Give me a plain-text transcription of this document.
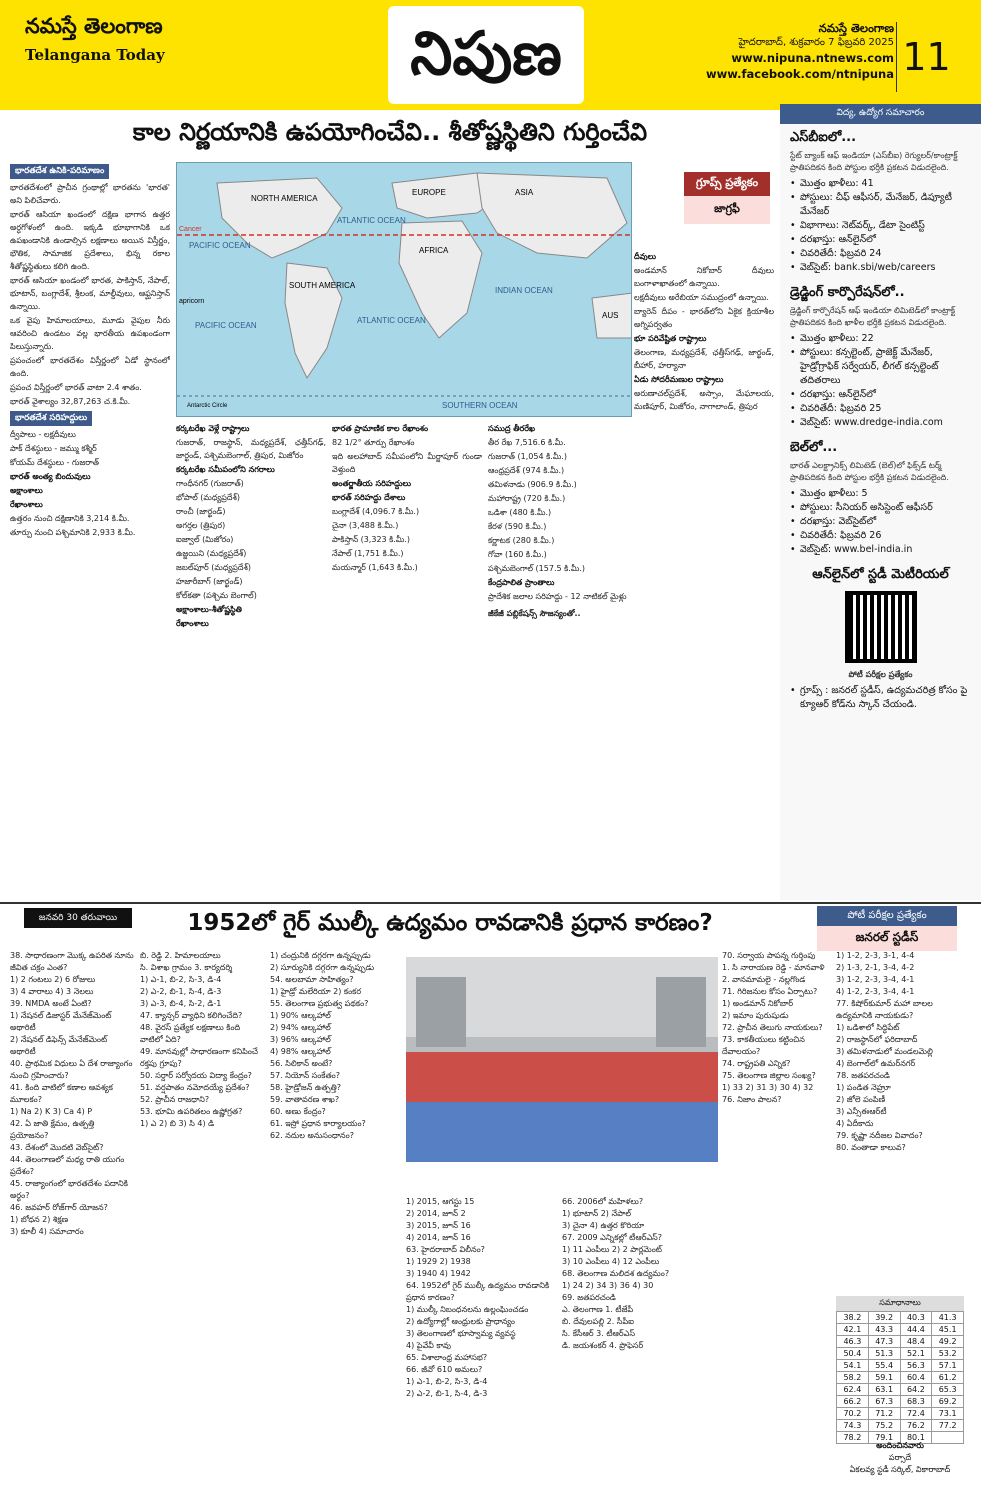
నమస్తే తెలంగాణ
Telangana Today	నిపుణ	నమస్తే తెలంగాణ
హైదరాబాద్, శుక్రవారం 7 ఫిబ్రవరి 2025
www.nipuna.ntnews.com
www.facebook.com/ntnipuna 11
కాల నిర్ణయానికి ఉపయోగించేవి.. శీతోష్ణస్థితిని గుర్తించేవి
భారతదేశ ఉనికి-పరిమాణం

భారతదేశంలో ప్రాచీన గ్రంథాల్లో భారతను 'భారత' అని పిలిచేవారు.

భారత్ ఆసియా ఖండంలో దక్షిణ భాగాన ఉత్తర అర్ధగోళంలో ఉంది. ఇక్కడి భూభాగానికి ఒక ఉపఖండానికి ఉండాల్సిన లక్షణాలు అయిన విస్తీర్ణం, భౌతిక, సామాజిక ప్రదేశాలు, భిన్న రకాల శీతోష్ణస్థితులు కలిగి ఉంది.

భారత్ ఆసియా ఖండంలో భారత, పాకిస్తాన్, నేపాల్, భూటాన్, బంగ్లాదేశ్, శ్రీలంక, మాల్దీవులు, ఆఫ్ఘనిస్తాన్ ఉన్నాయి.

ఒక వైపు హిమాలయాలు, మూడు వైపుల నీరు ఆవరించి ఉండటం వల్ల భారతీయ ఉపఖండంగా పిలుస్తున్నారు.

ప్రపంచంలో భారతదేశం విస్తీర్ణంలో ఏడో స్థానంలో ఉంది.

ప్రపంచ విస్తీర్ణంలో భారత్ వాటా 2.4 శాతం.

భారత్ వైశాల్యం 32,87,263 చ.కి.మీ.

భారతదేశ సరిహద్దులు

ద్వీపాలు - లక్షదీవులు

పాక్ దేశస్థులు - జమ్ము కశ్మీర్

కోయమ్ దేశస్థులు - గుజరాత్

భారత్ అంత్య బిందువులు

అక్షాంశాలు

రేఖాంశాలు

ఉత్తరం నుంచి దక్షిణానికి 3,214 కి.మీ.

తూర్పు నుంచి పశ్చిమానికి 2,933 కి.మీ.

NORTH AMERICA
EUROPE	ASIA
AFRICA
SOUTH AMERICA
ATLANTIC OCEAN
PACIFIC OCEAN
PACIFIC OCEAN
ATLANTIC OCEAN
INDIAN OCEAN
SOUTHERN OCEAN
Cancer
apricorn
AUS
Antarctic Circle
గ్రూప్స్ ప్రత్యేకం
జాగ్రఫీ

కర్కటరేఖ వెళ్లే రాష్ట్రాలు

గుజరాత్, రాజస్థాన్, మధ్యప్రదేశ్, ఛత్తీస్‌గఢ్, జార్ఖండ్, పశ్చిమబెంగాల్, త్రిపుర, మిజోరం

కర్కటరేఖ సమీపంలోని నగరాలు

గాంధీనగర్ (గుజరాత్)

భోపాల్ (మధ్యప్రదేశ్)

రాంచీ (జార్ఖండ్)

అగర్తల (త్రిపుర)

ఐజ్వాల్ (మిజోరం)

ఉజ్జయిని (మధ్యప్రదేశ్)

జబల్‌పూర్ (మధ్యప్రదేశ్)

హజారీబాగ్ (జార్ఖండ్)

కోల్‌కతా (పశ్చిమ బెంగాల్)

అక్షాంశాలు-శీతోష్ణస్థితి

రేఖాంశాలు

భారత ప్రామాణిక కాల రేఖాంశం

82 1/2° తూర్పు రేఖాంశం

ఇది అలహాబాద్ సమీపంలోని మీర్జాపూర్ గుండా వెళ్తుంది

అంతర్జాతీయ సరిహద్దులు

భారత్ సరిహద్దు దేశాలు

బంగ్లాదేశ్ (4,096.7 కి.మీ.)

చైనా (3,488 కి.మీ.)

పాకిస్తాన్ (3,323 కి.మీ.)

నేపాల్ (1,751 కి.మీ.)

మయన్మార్ (1,643 కి.మీ.)

సముద్ర తీరరేఖ

తీర రేఖ 7,516.6 కి.మీ.

గుజరాత్ (1,054 కి.మీ.)

ఆంధ్రప్రదేశ్ (974 కి.మీ.)

తమిళనాడు (906.9 కి.మీ.)

మహారాష్ట్ర (720 కి.మీ.)

ఒడిశా (480 కి.మీ.)

కేరళ (590 కి.మీ.)

కర్ణాటక (280 కి.మీ.)

గోవా (160 కి.మీ.)

పశ్చిమబెంగాల్ (157.5 కి.మీ.)

కేంద్రపాలిత ప్రాంతాలు

ప్రాదేశిక జలాల సరిహద్దు - 12 నాటికల్ మైళ్లు

జీకేజీ పబ్లికేషన్స్ సౌజన్యంతో..

దీవులు

అండమాన్ నికోబార్ దీవులు బంగాళాఖాతంలో ఉన్నాయి.

లక్షదీవులు అరేబియా సముద్రంలో ఉన్నాయి.

బ్యారెన్ దీపం - భారత్‌లోని ఏకైక క్రియాశీల అగ్నిపర్వతం

భూ పరివేష్టిత రాష్ట్రాలు

తెలంగాణ, మధ్యప్రదేశ్, ఛత్తీస్‌గఢ్, జార్ఖండ్, బీహార్, హర్యానా

ఏడు సోదరీమణుల రాష్ట్రాలు

అరుణాచల్‌ప్రదేశ్, అస్సాం, మేఘాలయ, మణిపూర్, మిజోరం, నాగాలాండ్, త్రిపుర

విద్య, ఉద్యోగ సమాచారం
ఎస్‌బీఐలో...
స్టేట్ బ్యాంక్ ఆఫ్ ఇండియా (ఎస్‌బీఐ) రెగ్యులర్/కాంట్రాక్ట్ ప్రాతిపదికన కింది పోస్టుల భర్తీకి ప్రకటన విడుదలైంది.
• మొత్తం ఖాళీలు: 41
• పోస్టులు: చీఫ్ ఆఫీసర్, మేనేజర్, డిప్యూటీ మేనేజర్
• విభాగాలు: నెట్‌వర్క్, డేటా సైంటిస్ట్
• దరఖాస్తు: ఆన్‌లైన్‌లో
• చివరితేదీ: ఫిబ్రవరి 24
• వెబ్‌సైట్: bank.sbi/web/careers
డ్రెడ్జింగ్ కార్పొరేషన్‌లో..
డ్రెడ్జింగ్ కార్పొరేషన్ ఆఫ్ ఇండియా లిమిటెడ్‌లో కాంట్రాక్ట్ ప్రాతిపదికన కింది ఖాళీల భర్తీకి ప్రకటన విడుదలైంది.
• మొత్తం ఖాళీలు: 22
• పోస్టులు: కన్సల్టెంట్, ప్రాజెక్ట్ మేనేజర్, హైడ్రోగ్రాఫిక్ సర్వేయర్, లీగల్ కన్సల్టెంట్ తదితరాలు
• దరఖాస్తు: ఆన్‌లైన్‌లో
• చివరితేదీ: ఫిబ్రవరి 25
• వెబ్‌సైట్: www.dredge-india.com
బెల్‌లో...
భారత్ ఎలక్ట్రానిక్స్ లిమిటెడ్ (బెల్)లో ఫిక్స్‌డ్ టర్మ్ ప్రాతిపదికన కింది పోస్టుల భర్తీకి ప్రకటన విడుదలైంది.
• మొత్తం ఖాళీలు: 5
• పోస్టులు: సీనియర్ అసిస్టెంట్ ఆఫీసర్
• దరఖాస్తు: వెబ్‌సైట్‌లో
• చివరితేదీ: ఫిబ్రవరి 26
• వెబ్‌సైట్: www.bel-india.in
ఆన్‌లైన్‌లో స్టడీ మెటీరియల్
పోటీ పరీక్షల ప్రత్యేకం
• గ్రూప్స్ : జనరల్ స్టడీస్, ఉద్యమచరిత్ర కోసం పై క్యూఆర్ కోడ్‌ను స్కాన్ చేయండి.
జనవరి 30 తరువాయి	1952లో గైర్ ముల్కీ ఉద్యమం రావడానికి ప్రధాన కారణం?	పోటీ పరీక్షల ప్రత్యేకం
జనరల్ స్టడీస్

38. సాధారణంగా మొక్క ఉపరిత నూను జీవిత చక్రం ఎంత?

1) 2 గంటలు 2) 6 రోజులు

3) 4 వారాలు 4) 3 నెలలు

39. NMDA అంటే ఏంటి?

1) నేషనల్ డిజాస్టర్ మేనేజ్‌మెంట్ అథారిటీ

2) నేషనల్ డిఫెన్స్ మేనేజ్‌మెంట్ అథారిటీ

40. ప్రాథమిక విధులు ఏ దేశ రాజ్యాంగం నుంచి గ్రహించారు?

41. కింది వాటిలో కణాల ఆవశ్యక మూలకం?

1) Na 2) K 3) Ca 4) P

42. ఏ జాతి క్షేమం, ఉత్పత్తి ప్రయోజనం?

43. దేశంలో మొదటి వెబ్‌సైట్?

44. తెలంగాణలో మధ్య రాతి యుగం ప్రదేశం?

45. రాజ్యాంగంలో భారతదేశం పదానికి అర్థం?

46. జవహర్ రోజ్‌గార్ యోజన?

1) బోధన 2) శిక్షణ

3) కూలీ 4) సమాచారం

బి. రెడ్డి 2. హిమాలయాలు

సి. విశాఖ గ్రామం 3. కార్యదర్శి

1) ఎ-1, బి-2, సి-3, డి-4

2) ఎ-2, బి-1, సి-4, డి-3

3) ఎ-3, బి-4, సి-2, డి-1

47. క్యాన్సర్ వ్యాధిని కలిగించేది?

48. వైరస్ ప్రత్యేక లక్షణాలు కింది వాటిలో ఏది?

49. మానవుల్లో సాధారణంగా కనిపించే రక్తపు గ్రూపు?

50. సర్దార్ సర్వోదయ విద్యా కేంద్రం?

51. వర్షపాతం నమోదయ్యే ప్రదేశం?

52. ప్రాచీన రాజధాని?

53. భూమి ఉపరితలం ఉష్ణోగ్రత?

1) ఎ 2) బి 3) సి 4) డి

1) చంద్రునికి దగ్గరగా ఉన్నప్పుడు

2) సూర్యునికి దగ్గరగా ఉన్నప్పుడు

54. అలబామా సాహిత్యం?

1) హైడ్రో మలేరియా 2) కంకర

55. తెలంగాణ ప్రభుత్వ పథకం?

1) 90% ఆల్కహాల్

2) 94% ఆల్కహాల్

3) 96% ఆల్కహాల్

4) 98% ఆల్కహాల్

56. సిలికాన్ అంటే?

57. నియోన్ సంకేతం?

58. హైడ్రోజన్ ఉత్పత్తి?

59. వాతావరణ శాఖ?

60. అణు కేంద్రం?

61. ఇస్రో ప్రధాన కార్యాలయం?

62. నదుల అనుసంధానం?

1) 2015, ఆగస్టు 15

2) 2014, జూన్ 2

3) 2015, జూన్ 16

4) 2014, జూన్ 16

63. హైదరాబాద్ విలీనం?

1) 1929 2) 1938

3) 1940 4) 1942

64. 1952లో గైర్ ముల్కీ ఉద్యమం రావడానికి ప్రధాన కారణం?

1) ముల్కీ నిబంధనలను ఉల్లంఘించడం

2) ఉద్యోగాల్లో ఆంధ్రులకు ప్రాధాన్యం

3) తెలంగాణలో భూస్వామ్య వ్యవస్థ

4) పైవేవీ కావు

65. విశాలాంధ్ర మహాసభ?

66. జీవో 610 అమలు?

1) ఎ-1, బి-2, సి-3, డి-4

2) ఎ-2, బి-1, సి-4, డి-3

66. 2006లో మహిళలు?

1) భూటాన్ 2) నేపాల్

3) చైనా 4) ఉత్తర కొరియా

67. 2009 ఎన్నికల్లో టీఆర్‌ఎస్?

1) 11 ఎంపీలు 2) 2 పార్లమెంట్

3) 10 ఎంపీలు 4) 12 ఎంపీలు

68. తెలంగాణ మలిదశ ఉద్యమం?

1) 24 2) 34 3) 36 4) 30

69. జతపరచండి

ఎ. తెలంగాణ 1. టీజేపీ

బి. దేవులపల్లి 2. సీపీఐ

సి. కేసీఆర్ 3. టీఆర్‌ఎస్

డి. జయశంకర్ 4. ప్రొఫెసర్

70. సర్వాయ పాపన్న గుర్తింపు

1. సి నారాయణ రెడ్డి - మానవాళి

2. వానమామలై - నల్లగొండ

71. గిరిజనుల కోసం ఏర్పాటు?

1) అండమాన్ నికోబార్

2) ఇమాం పురుషుడు

72. ప్రాచీన తెలుగు నాయకులు?

73. కాకతీయులు కట్టించిన దేవాలయం?

74. రాష్ట్రపతి ఎన్నిక?

75. తెలంగాణ జిల్లాల సంఖ్య?

1) 33 2) 31 3) 30 4) 32

76. నిజాం పాలన?

1) 1-2, 2-3, 3-1, 4-4

2) 1-3, 2-1, 3-4, 4-2

3) 1-2, 2-3, 3-4, 4-1

4) 1-2, 2-3, 3-4, 4-1

77. కిషోర్‌కుమార్ మహా బాలల ఉద్యమానికి నాయకుడు?

1) ఒడిశాలో సిద్ధిపేట్

2) రాజస్థాన్‌లో ఫరిదాబాద్

3) తమిళనాడులో మండలమెల్లి

4) బెంగాల్‌లో ఉమర్‌నగర్

78. జతపరచండి

1) పండిత నెహ్రూ

2) జోలె పంపిణీ

3) ఎన్సీఈఆర్‌టీ

4) ఏదీకాదు

79. కృష్ణా నదీజల వివాదం?

80. వంతాడా కాలువ?

సమాధానాలు
38.2	39.2	40.3	41.3
42.1	43.3	44.4	45.1
46.3	47.3	48.4	49.2
50.4	51.3	52.1	53.2
54.1	55.4	56.3	57.1
58.2	59.1	60.4	61.2
62.4	63.1	64.2	65.3
66.2	67.3	68.3	69.2
70.2	71.2	72.4	73.1
74.3	75.2	76.2	77.2
78.2	79.1	80.1	
అందించినవారు
పర్సాదే
ఏకలవ్య స్టడీ సర్కిల్, వికారాబాద్
